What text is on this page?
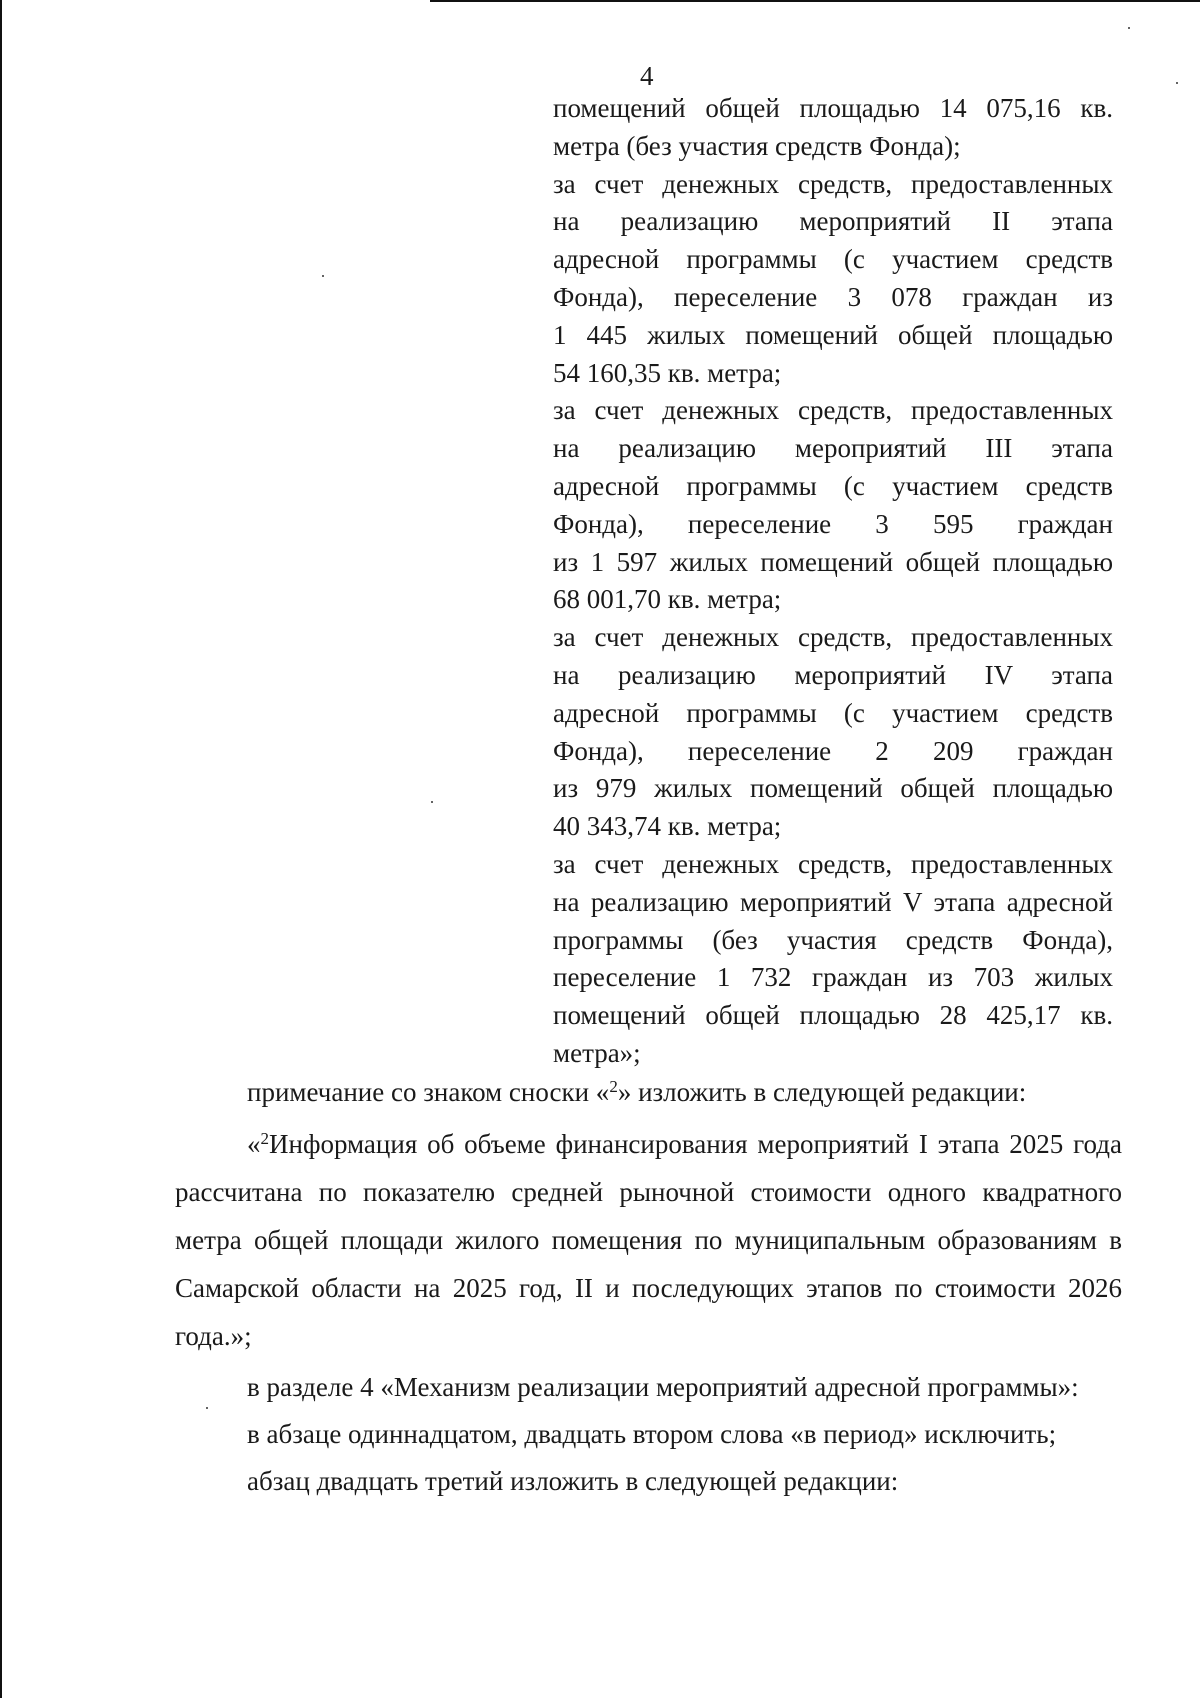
4

помещений общей площадью 14 075,16 кв.

метра (без участия средств Фонда);

за счет денежных средств, предоставленных
на реализацию мероприятий II этапа
адресной программы (с участием средств
Фонда), переселение 3 078 граждан из
1 445 жилых помещений общей площадью

54 160,35 кв. метра;

за счет денежных средств, предоставленных
на реализацию мероприятий III этапа
адресной программы (с участием средств
Фонда), переселение 3 595 граждан
из 1 597 жилых помещений общей площадью

68 001,70 кв. метра;

за счет денежных средств, предоставленных
на реализацию мероприятий IV этапа
адресной программы (с участием средств
Фонда), переселение 2 209 граждан
из 979 жилых помещений общей площадью

40 343,74 кв. метра;

за счет денежных средств, предоставленных
на реализацию мероприятий V этапа адресной
программы (без участия средств Фонда),
переселение 1 732 граждан из 703 жилых
помещений общей площадью 28 425,17 кв.

метра»;

примечание со знаком сноски «$^2$» изложить в следующей редакции:

«$^2$Информация об объеме финансирования мероприятий I этапа 2025 года рассчитана по показателю средней рыночной стоимости одного квадратного метра общей площади жилого помещения по муниципальным образованиям в Самарской области на 2025 год, II и последующих этапов по стоимости 2026 года.»;

в разделе 4 «Механизм реализации мероприятий адресной программы»:

в абзаце одиннадцатом, двадцать втором слова «в период» исключить;

абзац двадцать третий изложить в следующей редакции:
